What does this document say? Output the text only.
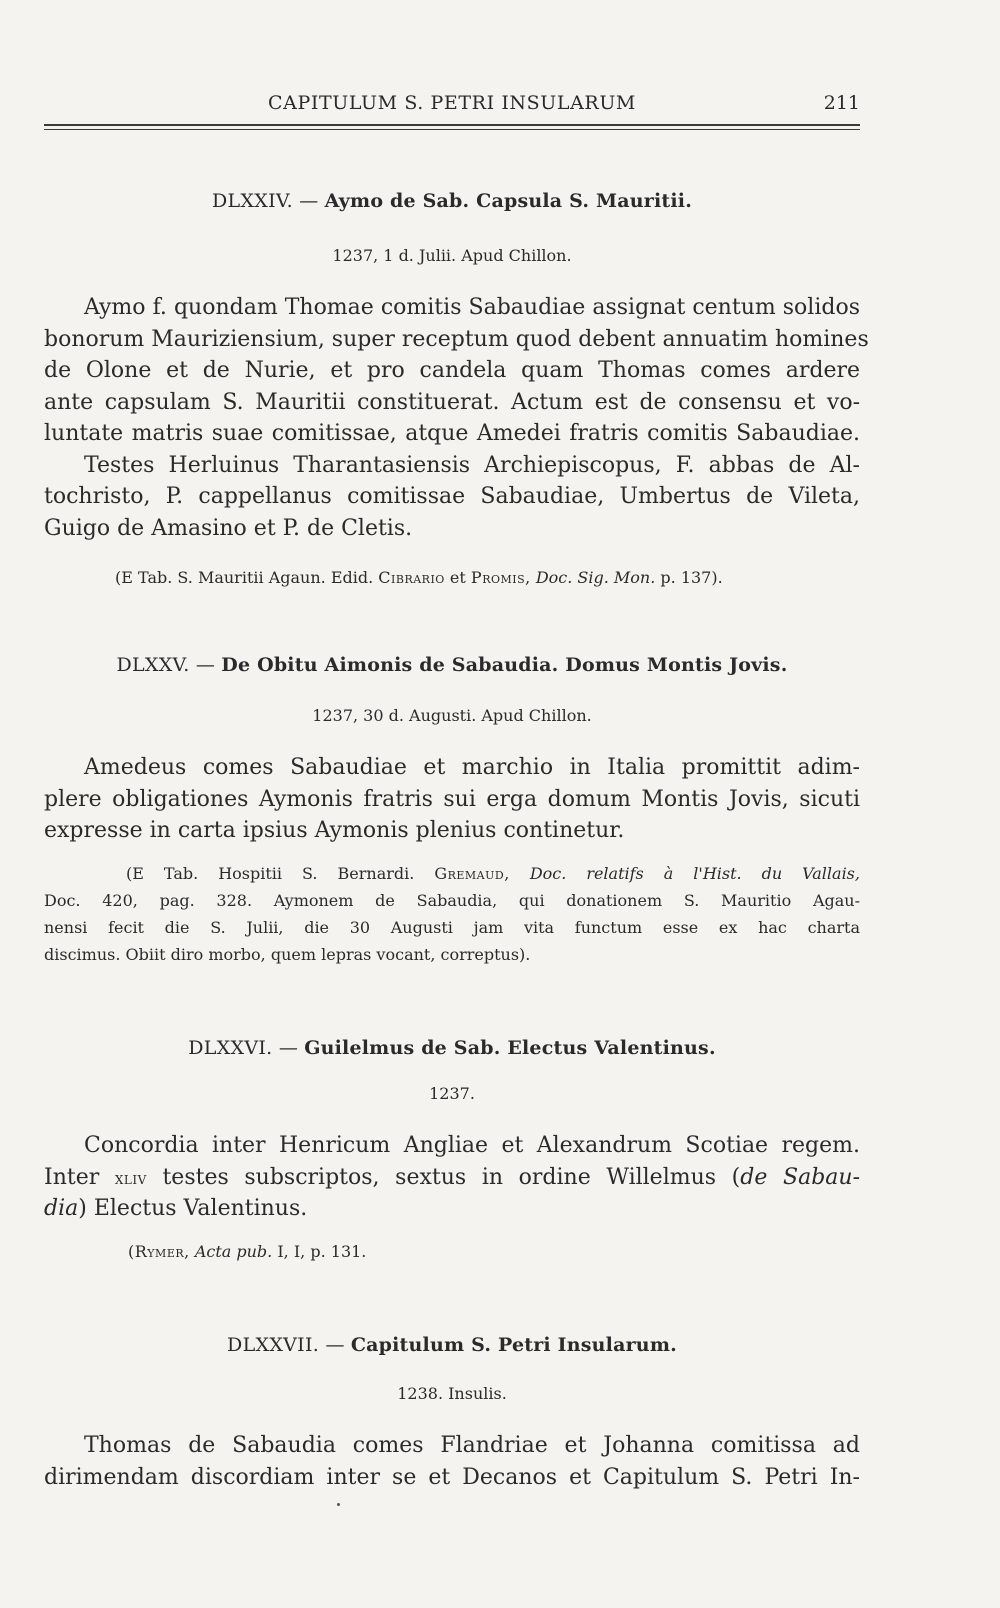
CAPITULUM S. PETRI INSULARUM	211
DLXXIV. — Aymo de Sab. Capsula S. Mauritii.
1237, 1 d. Julii. Apud Chillon.
Aymo f. quondam Thomae comitis Sabaudiae assignat centum solidos
bonorum Mauriziensium, super receptum quod debent annuatim homines
de Olone et de Nurie, et pro candela quam Thomas comes ardere
ante capsulam S. Mauritii constituerat. Actum est de consensu et vo-
luntate matris suae comitissae, atque Amedei fratris comitis Sabaudiae.
Testes Herluinus Tharantasiensis Archiepiscopus, F. abbas de Al-
tochristo, P. cappellanus comitissae Sabaudiae, Umbertus de Vileta,
Guigo de Amasino et P. de Cletis.
(E Tab. S. Mauritii Agaun. Edid. Cibrario et Promis, Doc. Sig. Mon. p. 137).
DLXXV. — De Obitu Aimonis de Sabaudia. Domus Montis Jovis.
1237, 30 d. Augusti. Apud Chillon.
Amedeus comes Sabaudiae et marchio in Italia promittit adim-
plere obligationes Aymonis fratris sui erga domum Montis Jovis, sicuti
expresse in carta ipsius Aymonis plenius continetur.
(E Tab. Hospitii S. Bernardi. Gremaud, Doc. relatifs à l'Hist. du Vallais,
Doc. 420, pag. 328. Aymonem de Sabaudia, qui donationem S. Mauritio Agau-
nensi fecit die S. Julii, die 30 Augusti jam vita functum esse ex hac charta
discimus. Obiit diro morbo, quem lepras vocant, correptus).
DLXXVI. — Guilelmus de Sab. Electus Valentinus.
1237.
Concordia inter Henricum Angliae et Alexandrum Scotiae regem.
Inter xliv testes subscriptos, sextus in ordine Willelmus (de Sabau-
dia) Electus Valentinus.
(Rymer, Acta pub. I, I, p. 131.
DLXXVII. — Capitulum S. Petri Insularum.
1238. Insulis.
Thomas de Sabaudia comes Flandriae et Johanna comitissa ad
dirimendam discordiam inter se et Decanos et Capitulum S. Petri In-
